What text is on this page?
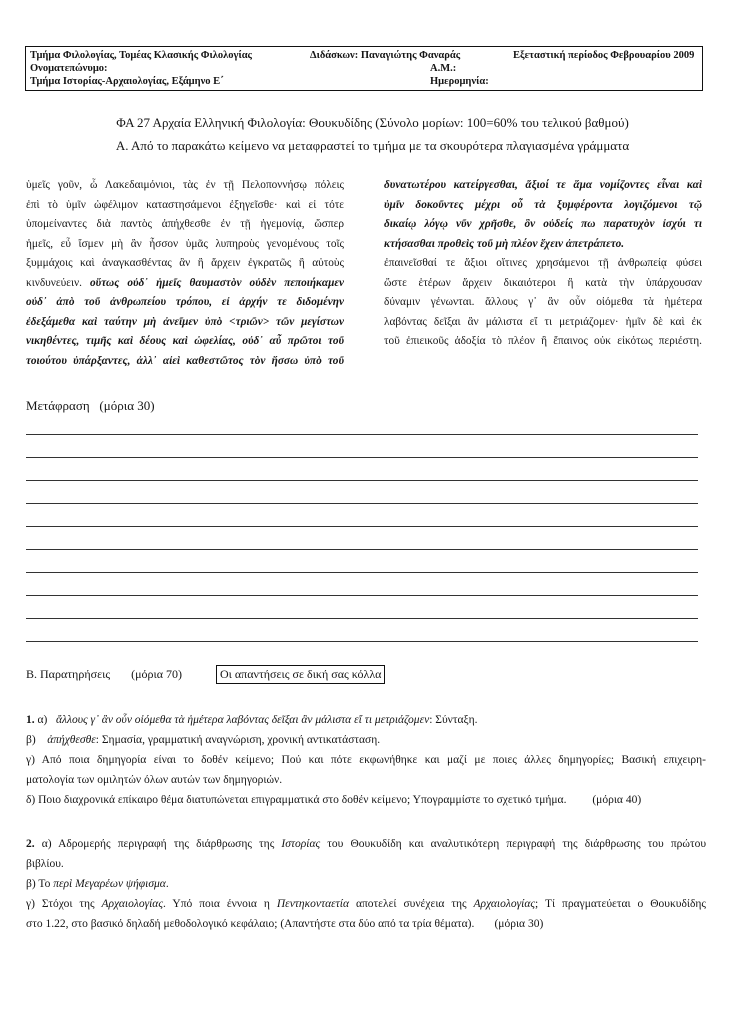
Τμήμα Φιλολογίας, Τομέας Κλασικής Φιλολογίας	Διδάσκων: Παναγιώτης Φαναράς	Εξεταστική περίοδος Φεβρουαρίου 2009
Ονοματεπώνυμο:	Α.Μ.:
Τμήμα Ιστορίας-Αρχαιολογίας, Εξάμηνο Ε΄	Ημερομηνία:
ΦΑ 27 Αρχαία Ελληνική Φιλολογία: Θουκυδίδης (Σύνολο μορίων: 100=60% του τελικού βαθμού)
Α. Από το παρακάτω κείμενο να μεταφραστεί το τμήμα με τα σκουρότερα πλαγιασμένα γράμματα
ὑμεῖς γοῦν, ὦ Λακεδαιμόνιοι, τὰς ἐν τῇ Πελοποννήσῳ πόλεις
ἐπὶ τὸ ὑμῖν ὠφέλιμον καταστησάμενοι ἐξηγεῖσθε· καὶ εἰ τότε
ὑπομείναντες διὰ παντὸς ἀπήχθεσθε ἐν τῇ ἡγεμονίᾳ, ὥσπερ
ἡμεῖς, εὖ ἴσμεν μὴ ἂν ἧσσον ὑμᾶς λυπηροὺς γενομένους τοῖς
ξυμμάχοις καὶ ἀναγκασθέντας ἂν ἢ ἄρχειν ἐγκρατῶς ἢ αὐτοὺς
κινδυνεύειν. οὕτως οὐδ᾽ ἡμεῖς θαυμαστὸν οὐδὲν πεποιήκαμεν
οὐδ᾽ ἀπὸ τοῦ ἀνθρωπείου τρόπου, εἰ ἀρχήν τε διδομένην
ἐδεξάμεθα καὶ ταύτην μὴ ἀνεῖμεν ὑπὸ <τριῶν> τῶν μεγίστων
νικηθέντες, τιμῆς καὶ δέους καὶ ὠφελίας, οὐδ᾽ αὖ πρῶτοι τοῦ
τοιούτου ὑπάρξαντες, ἀλλ᾽ αἰεὶ καθεστῶτος τὸν ἥσσω ὑπὸ τοῦ
δυνατωτέρου κατείργεσθαι, ἄξιοί τε ἅμα νομίζοντες εἶναι καὶ
ὑμῖν δοκοῦντες μέχρι οὗ τὰ ξυμφέροντα λογιζόμενοι τῷ
δικαίῳ λόγῳ νῦν χρῆσθε, ὃν οὐδείς πω παρατυχὸν ἰσχύι τι
κτήσασθαι προθεὶς τοῦ μὴ πλέον ἔχειν ἀπετράπετο.
ἐπαινεῖσθαί τε ἄξιοι οἵτινες χρησάμενοι τῇ ἀνθρωπείᾳ φύσει
ὥστε ἑτέρων ἄρχειν δικαιότεροι ἢ κατὰ τὴν ὑπάρχουσαν
δύναμιν γένωνται. ἄλλους γ᾽ ἂν οὖν οἰόμεθα τὰ ἡμέτερα
λαβόντας δεῖξαι ἂν μάλιστα εἴ τι μετριάζομεν· ἡμῖν δὲ καὶ ἐκ
τοῦ ἐπιεικοῦς ἀδοξία τὸ πλέον ἢ ἔπαινος οὐκ εἰκότως περιέστη.
Μετάφραση (μόρια 30)
Β. Παρατηρήσεις (μόρια 70)	Οι απαντήσεις σε δική σας κόλλα
1. α) ἄλλους γ᾽ ἂν οὖν οἰόμεθα τὰ ἡμέτερα λαβόντας δεῖξαι ἂν μάλιστα εἴ τι μετριάζομεν: Σύνταξη.
β) ἀπήχθεσθε: Σημασία, γραμματική αναγνώριση, χρονική αντικατάσταση.
γ) Από ποια δημηγορία είναι το δοθέν κείμενο; Πού και πότε εκφωνήθηκε και μαζί με ποιες άλλες δημηγορίες; Βασική επιχειρη-
ματολογία των ομιλητών όλων αυτών των δημηγοριών.
δ) Ποιο διαχρονικά επίκαιρο θέμα διατυπώνεται επιγραμματικά στο δοθέν κείμενο; Υπογραμμίστε το σχετικό τμήμα. (μόρια 40)
2. α) Αδρομερής περιγραφή της διάρθρωσης της Ιστορίας του Θουκυδίδη και αναλυτικότερη περιγραφή της διάρθρωσης του πρώτου
βιβλίου.
β) Το περὶ Μεγαρέων ψήφισμα.
γ) Στόχοι της Αρχαιολογίας. Υπό ποια έννοια η Πεντηκονταετία αποτελεί συνέχεια της Αρχαιολογίας; Τί πραγματεύεται ο Θουκυδίδης
στο 1.22, στο βασικό δηλαδή μεθοδολογικό κεφάλαιο; (Απαντήστε στα δύο από τα τρία θέματα). (μόρια 30)
